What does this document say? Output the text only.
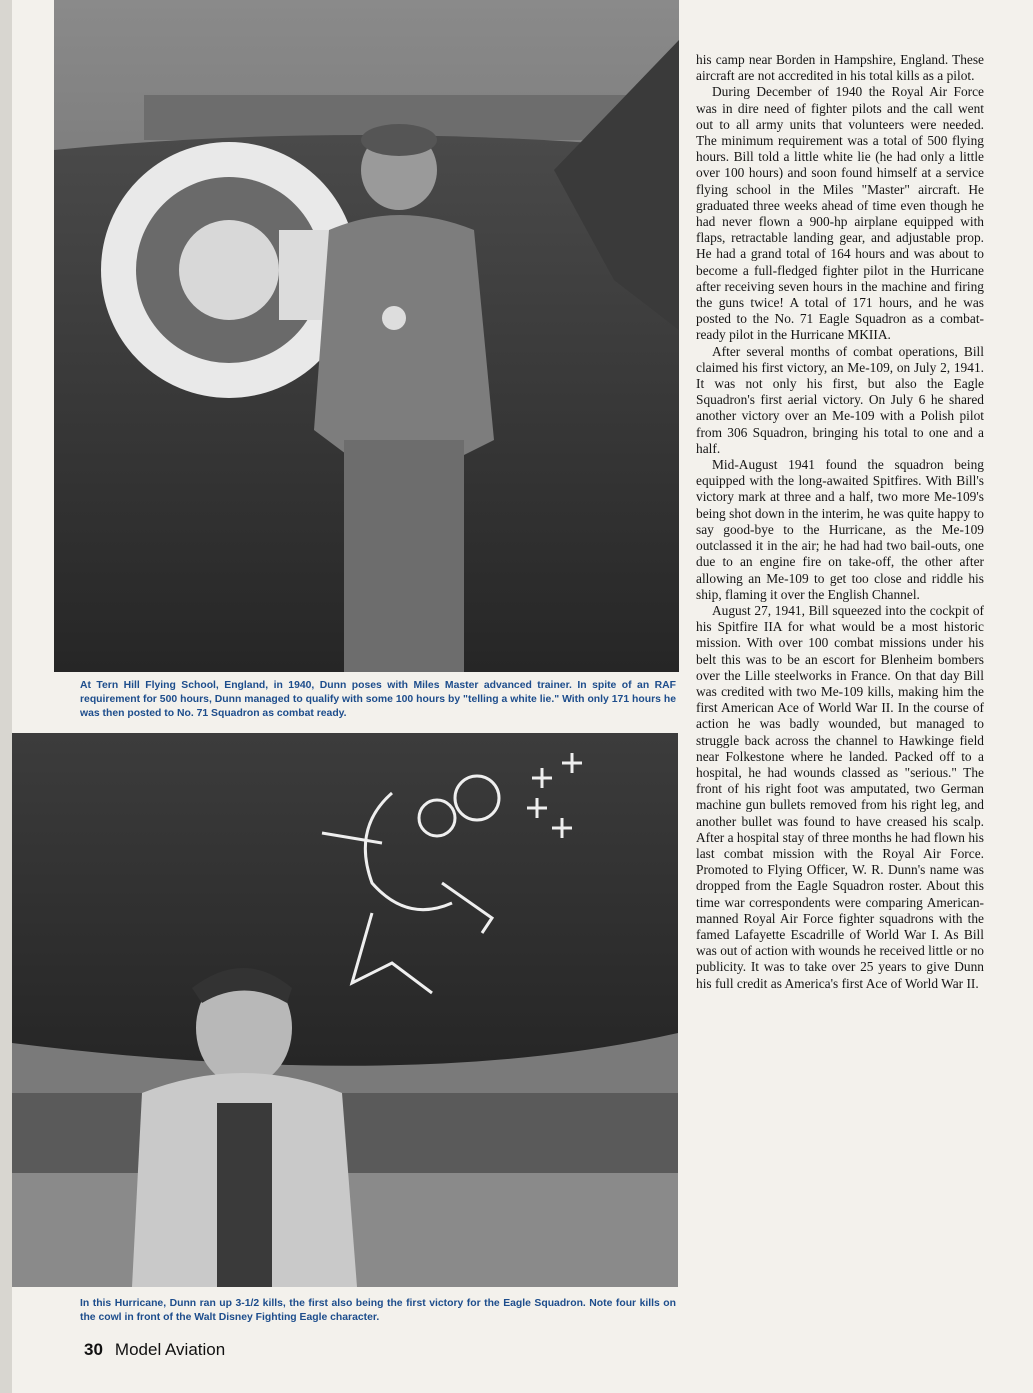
At Tern Hill Flying School, England, in 1940, Dunn poses with Miles Master advanced trainer. In spite of an RAF requirement for 500 hours, Dunn managed to qualify with some 100 hours by "telling a white lie." With only 171 hours he was then posted to No. 71 Squadron as combat ready.
In this Hurricane, Dunn ran up 3-1/2 kills, the first also being the first victory for the Eagle Squadron. Note four kills on the cowl in front of the Walt Disney Fighting Eagle character.

his camp near Borden in Hampshire, England. These aircraft are not accredited in his total kills as a pilot.

During December of 1940 the Royal Air Force was in dire need of fighter pilots and the call went out to all army units that volunteers were needed. The minimum requirement was a total of 500 flying hours. Bill told a little white lie (he had only a little over 100 hours) and soon found himself at a service flying school in the Miles "Master" aircraft. He graduated three weeks ahead of time even though he had never flown a 900-hp airplane equipped with flaps, retractable landing gear, and adjustable prop. He had a grand total of 164 hours and was about to become a full-fledged fighter pilot in the Hurricane after receiving seven hours in the machine and firing the guns twice! A total of 171 hours, and he was posted to the No. 71 Eagle Squadron as a combat-ready pilot in the Hurricane MKIIA.

After several months of combat operations, Bill claimed his first victory, an Me-109, on July 2, 1941. It was not only his first, but also the Eagle Squadron's first aerial victory. On July 6 he shared another victory over an Me-109 with a Polish pilot from 306 Squadron, bringing his total to one and a half.

Mid-August 1941 found the squadron being equipped with the long-awaited Spitfires. With Bill's victory mark at three and a half, two more Me-109's being shot down in the interim, he was quite happy to say good-bye to the Hurricane, as the Me-109 outclassed it in the air; he had had two bail-outs, one due to an engine fire on take-off, the other after allowing an Me-109 to get too close and riddle his ship, flaming it over the English Channel.

August 27, 1941, Bill squeezed into the cockpit of his Spitfire IIA for what would be a most historic mission. With over 100 combat missions under his belt this was to be an escort for Blenheim bombers over the Lille steelworks in France. On that day Bill was credited with two Me-109 kills, making him the first American Ace of World War II. In the course of action he was badly wounded, but managed to struggle back across the channel to Hawkinge field near Folkestone where he landed. Packed off to a hospital, he had wounds classed as "serious." The front of his right foot was amputated, two German machine gun bullets removed from his right leg, and another bullet was found to have creased his scalp. After a hospital stay of three months he had flown his last combat mission with the Royal Air Force. Promoted to Flying Officer, W. R. Dunn's name was dropped from the Eagle Squadron roster. About this time war correspondents were comparing American-manned Royal Air Force fighter squadrons with the famed Lafayette Escadrille of World War I. As Bill was out of action with wounds he received little or no publicity. It was to take over 25 years to give Dunn his full credit as America's first Ace of World War II.

30 Model Aviation
